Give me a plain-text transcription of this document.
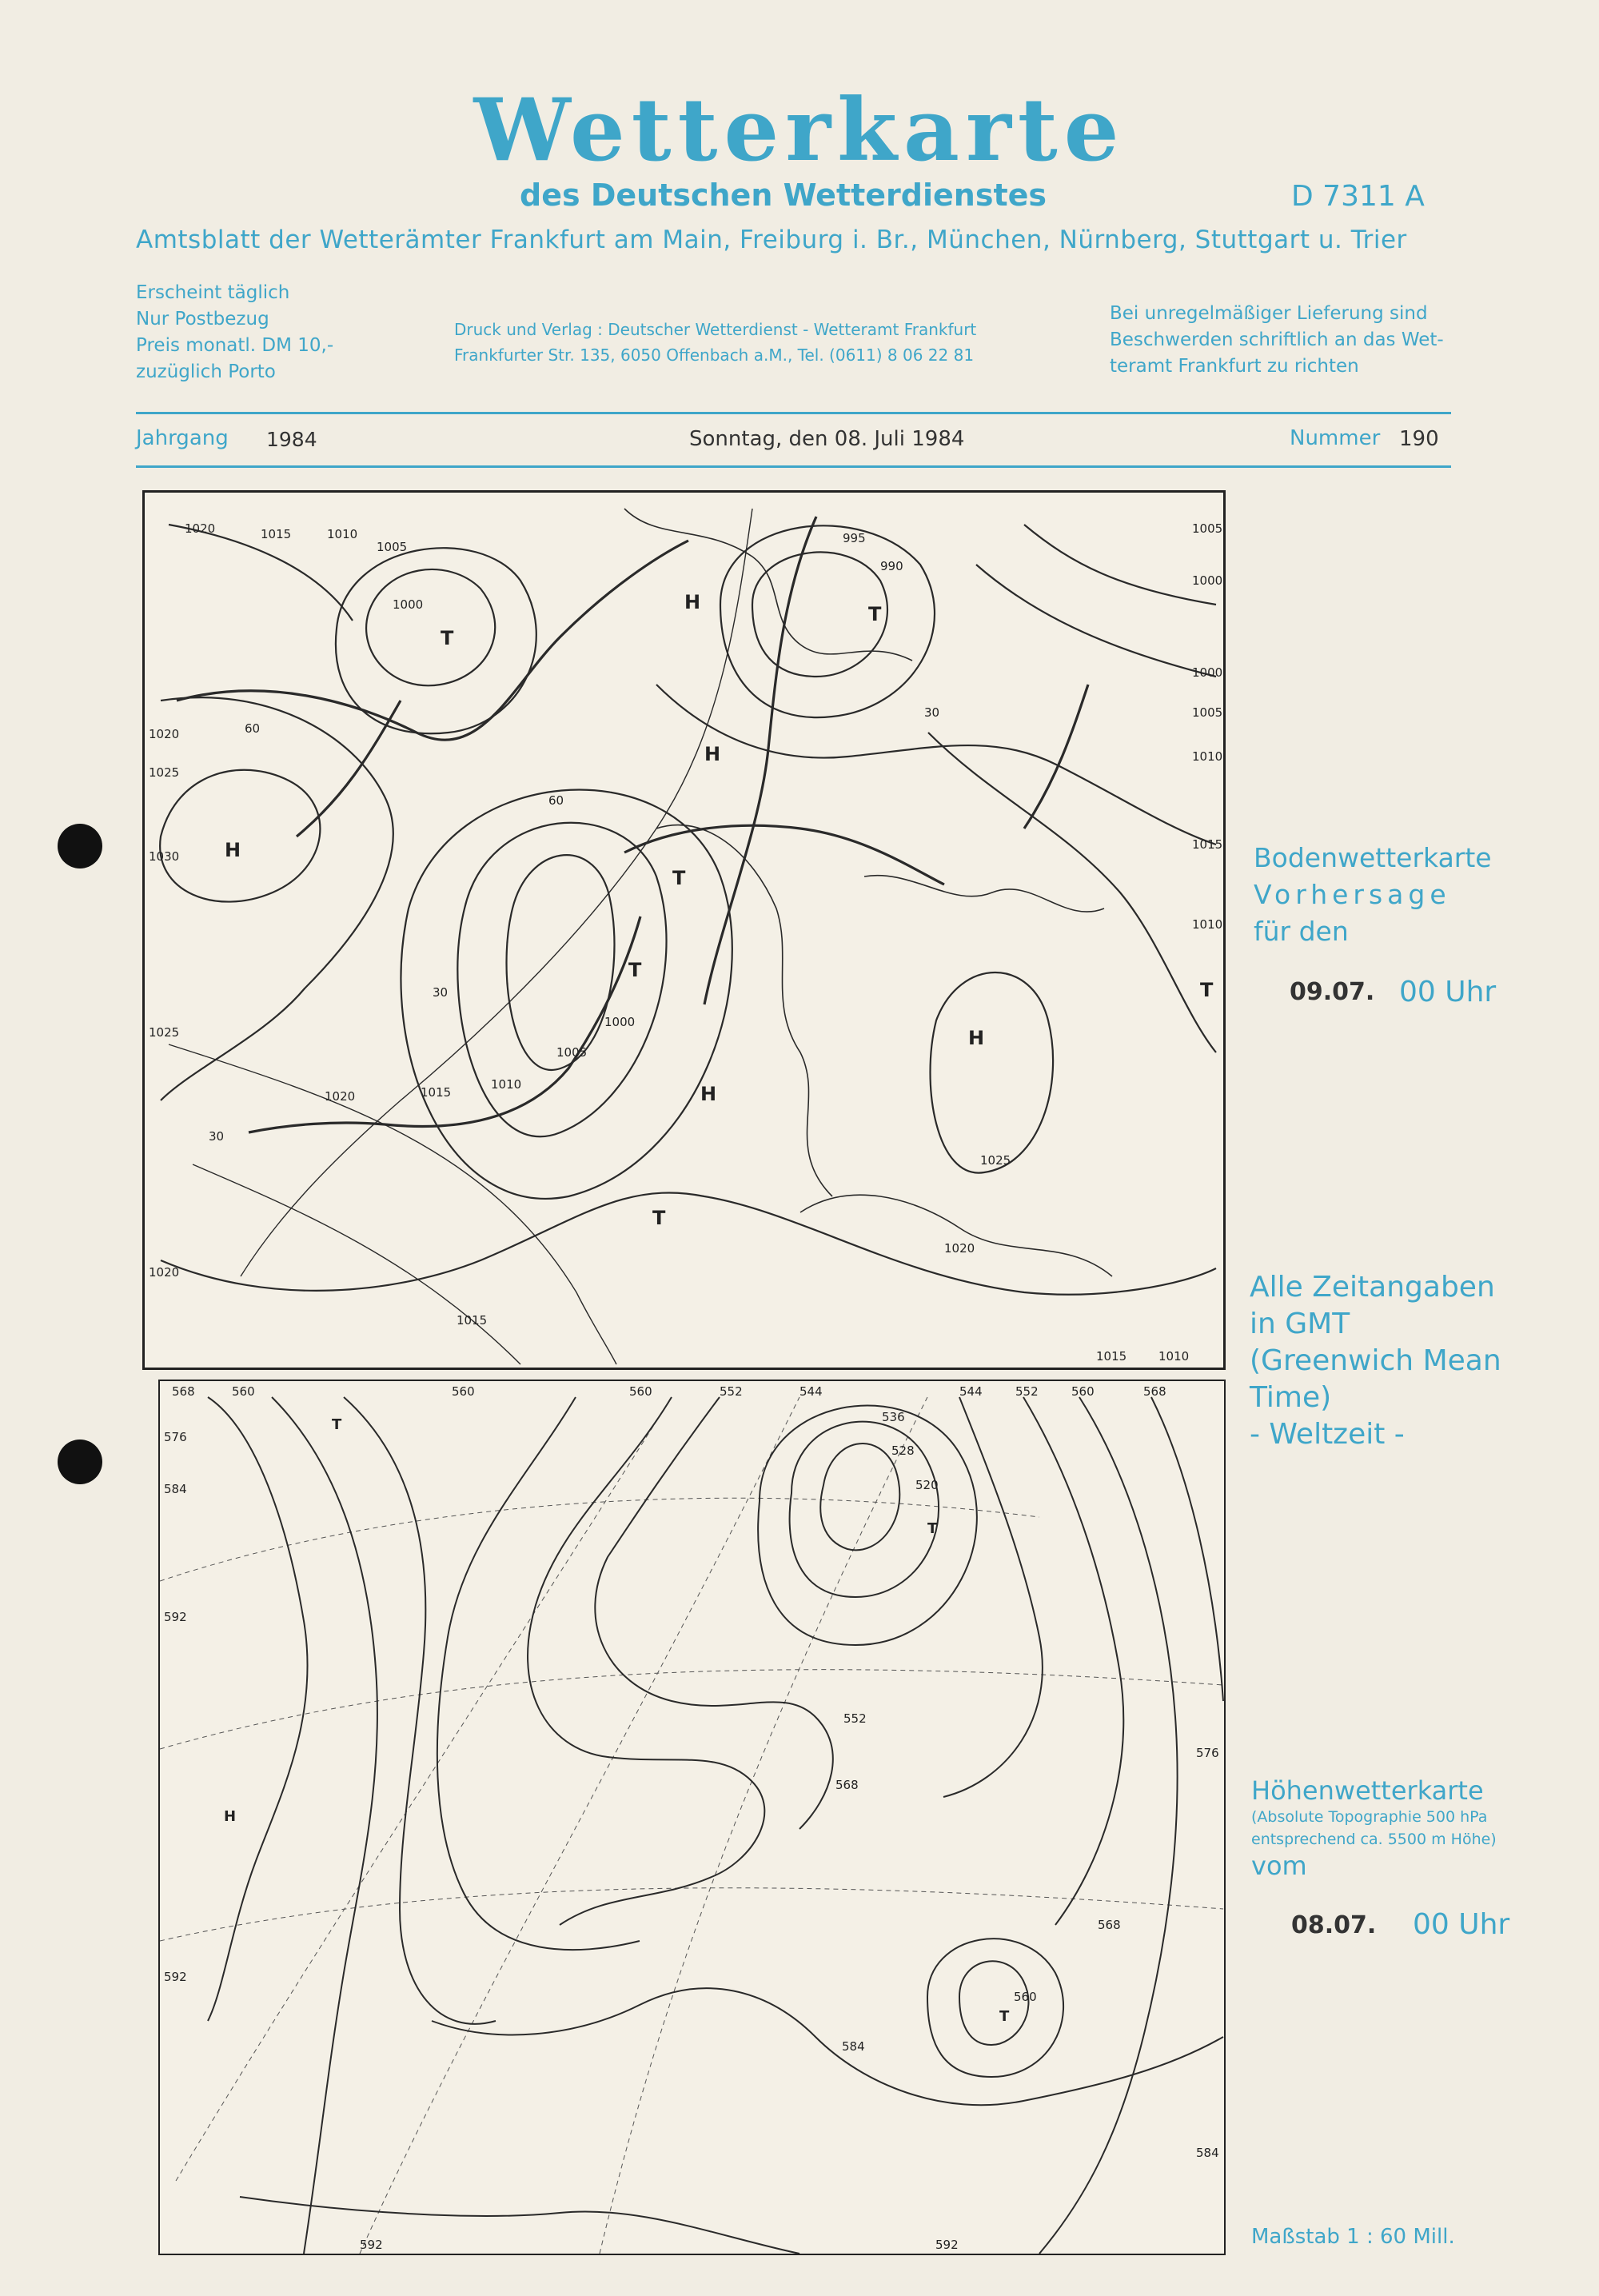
Wetterkarte
des Deutschen Wetterdienstes	D 7311 A
Amtsblatt der Wetterämter Frankfurt am Main, Freiburg i. Br., München, Nürnberg, Stuttgart u. Trier
Erscheint täglich
Nur Postbezug
Preis monatl. DM 10,-
zuzüglich Porto
Druck und Verlag : Deutscher Wetterdienst - Wetteramt Frankfurt
Frankfurter Str. 135, 6050 Offenbach a.M., Tel. (0611) 8 06 22 81
Bei unregelmäßiger Lieferung sind
Beschwerden schriftlich an das Wet-
teramt Frankfurt zu richten
Jahrgang 1984	Sonntag, den 08. Juli 1984	Nummer 190
1020	1015	1010
1005
1000
995
990
1020
1025
1030
1000
1005
1010
1015
1020
1025
1020
1005
1000
1000
1005
1010
1015
1010
1015	1010
1020
1015
1025
60
60
30
30
30
H
H
H
H
H
T
T
T
T
T
T
Bodenwetterkarte
Vorhersage
für den
09.07. 00 Uhr
Alle Zeitangaben
in GMT
(Greenwich Mean
Time)
- Weltzeit -
568	560	560	560	552	544	544	552	560	568
536
528
520
576
584
592
592
552
568
568
560
584
576
584
592	592
H
T
T
T
Höhenwetterkarte
(Absolute Topographie 500 hPa
entsprechend ca. 5500 m Höhe)
vom
08.07. 00 Uhr
Maßstab 1 : 60 Mill.
